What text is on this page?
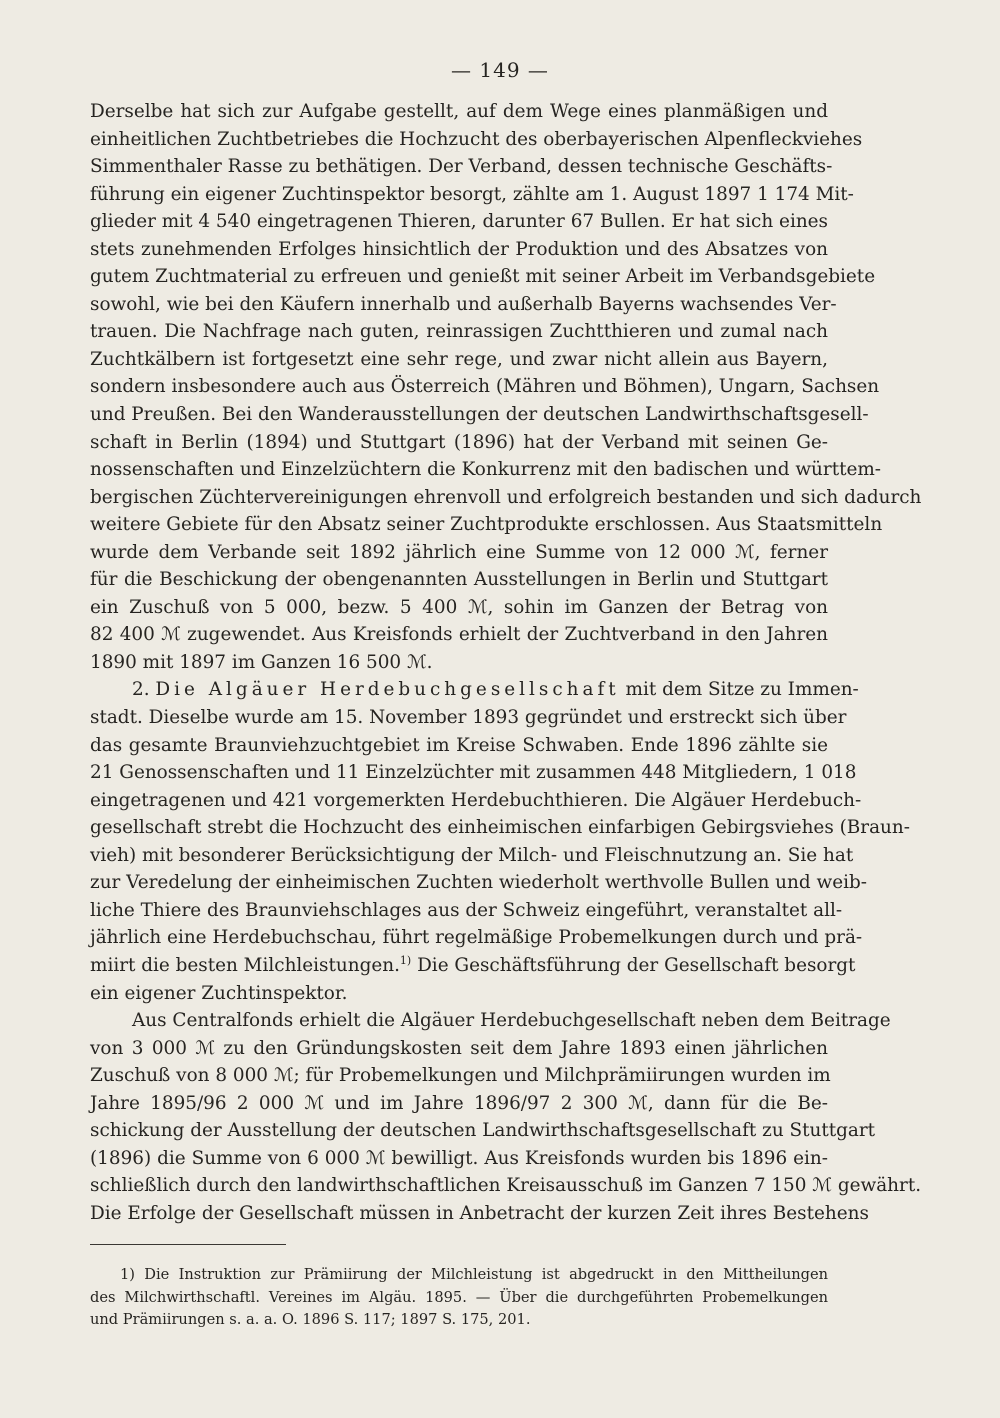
— 149 —
Derselbe hat sich zur Aufgabe gestellt, auf dem Wege eines planmäßigen und
einheitlichen Zuchtbetriebes die Hochzucht des oberbayerischen Alpenfleckviehes
Simmenthaler Rasse zu bethätigen. Der Verband, dessen technische Geschäfts-
führung ein eigener Zuchtinspektor besorgt, zählte am 1. August 1897 1 174 Mit-
glieder mit 4 540 eingetragenen Thieren, darunter 67 Bullen. Er hat sich eines
stets zunehmenden Erfolges hinsichtlich der Produktion und des Absatzes von
gutem Zuchtmaterial zu erfreuen und genießt mit seiner Arbeit im Verbandsgebiete
sowohl, wie bei den Käufern innerhalb und außerhalb Bayerns wachsendes Ver-
trauen. Die Nachfrage nach guten, reinrassigen Zuchtthieren und zumal nach
Zuchtkälbern ist fortgesetzt eine sehr rege, und zwar nicht allein aus Bayern,
sondern insbesondere auch aus Österreich (Mähren und Böhmen), Ungarn, Sachsen
und Preußen. Bei den Wanderausstellungen der deutschen Landwirthschaftsgesell-
schaft in Berlin (1894) und Stuttgart (1896) hat der Verband mit seinen Ge-
nossenschaften und Einzelzüchtern die Konkurrenz mit den badischen und württem-
bergischen Züchtervereinigungen ehrenvoll und erfolgreich bestanden und sich dadurch
weitere Gebiete für den Absatz seiner Zuchtprodukte erschlossen. Aus Staatsmitteln
wurde dem Verbande seit 1892 jährlich eine Summe von 12 000 ℳ, ferner
für die Beschickung der obengenannten Ausstellungen in Berlin und Stuttgart
ein Zuschuß von 5 000, bezw. 5 400 ℳ, sohin im Ganzen der Betrag von
82 400 ℳ zugewendet. Aus Kreisfonds erhielt der Zuchtverband in den Jahren
1890 mit 1897 im Ganzen 16 500 ℳ.
2. Die Algäuer Herdebuchgesellschaft mit dem Sitze zu Immen-
stadt. Dieselbe wurde am 15. November 1893 gegründet und erstreckt sich über
das gesamte Braunviehzuchtgebiet im Kreise Schwaben. Ende 1896 zählte sie
21 Genossenschaften und 11 Einzelzüchter mit zusammen 448 Mitgliedern, 1 018
eingetragenen und 421 vorgemerkten Herdebuchthieren. Die Algäuer Herdebuch-
gesellschaft strebt die Hochzucht des einheimischen einfarbigen Gebirgsviehes (Braun-
vieh) mit besonderer Berücksichtigung der Milch- und Fleischnutzung an. Sie hat
zur Veredelung der einheimischen Zuchten wiederholt werthvolle Bullen und weib-
liche Thiere des Braunviehschlages aus der Schweiz eingeführt, veranstaltet all-
jährlich eine Herdebuchschau, führt regelmäßige Probemelkungen durch und prä-
miirt die besten Milchleistungen.$^{1)}$ Die Geschäftsführung der Gesellschaft besorgt
ein eigener Zuchtinspektor.
Aus Centralfonds erhielt die Algäuer Herdebuchgesellschaft neben dem Beitrage
von 3 000 ℳ zu den Gründungskosten seit dem Jahre 1893 einen jährlichen
Zuschuß von 8 000 ℳ; für Probemelkungen und Milchprämiirungen wurden im
Jahre 1895/96 2 000 ℳ und im Jahre 1896/97 2 300 ℳ, dann für die Be-
schickung der Ausstellung der deutschen Landwirthschaftsgesellschaft zu Stuttgart
(1896) die Summe von 6 000 ℳ bewilligt. Aus Kreisfonds wurden bis 1896 ein-
schließlich durch den landwirthschaftlichen Kreisausschuß im Ganzen 7 150 ℳ gewährt.
Die Erfolge der Gesellschaft müssen in Anbetracht der kurzen Zeit ihres Bestehens
1) Die Instruktion zur Prämiirung der Milchleistung ist abgedruckt in den Mittheilungen
des Milchwirthschaftl. Vereines im Algäu. 1895. — Über die durchgeführten Probemelkungen
und Prämiirungen s. a. a. O. 1896 S. 117; 1897 S. 175, 201.
